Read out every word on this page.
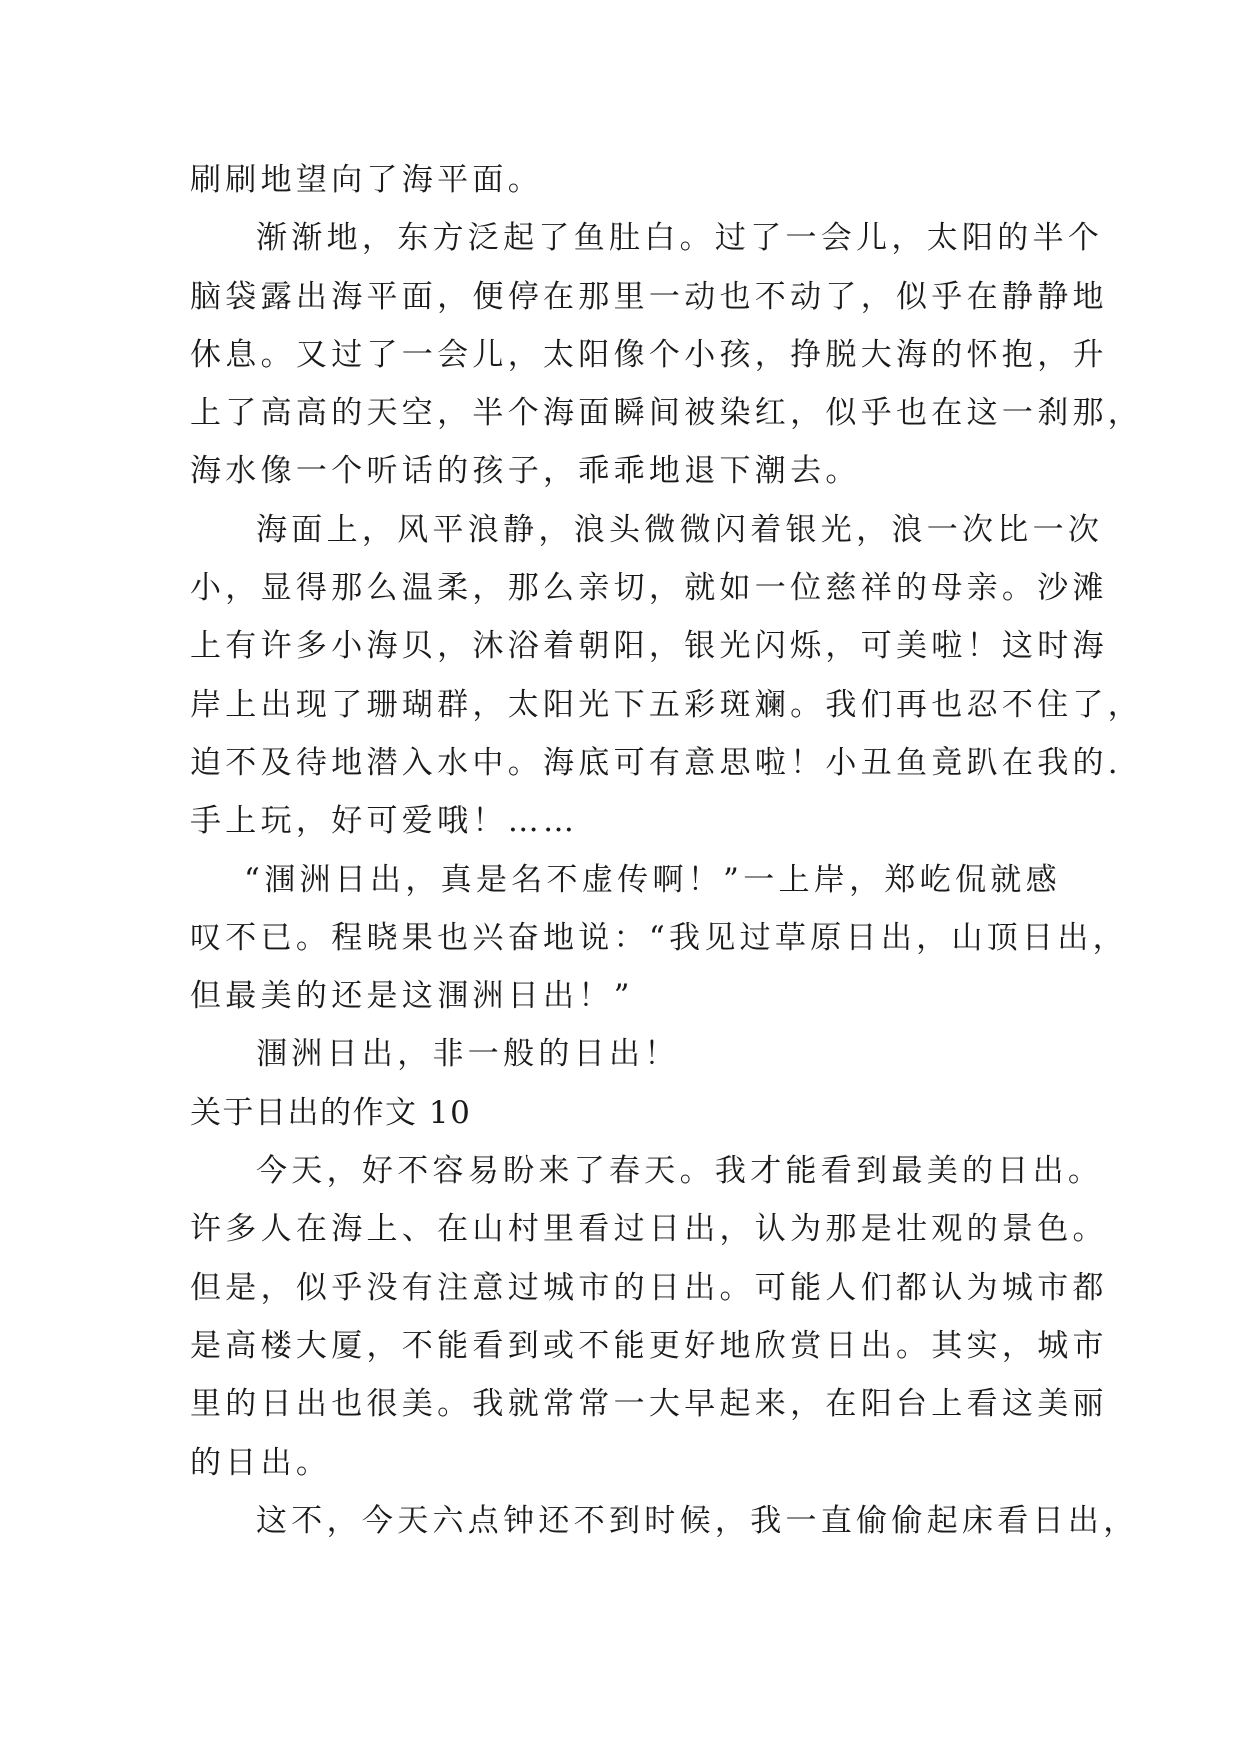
刷刷地望向了海平面。
渐渐地，东方泛起了鱼肚白。过了一会儿，太阳的半个
脑袋露出海平面，便停在那里一动也不动了，似乎在静静地
休息。又过了一会儿，太阳像个小孩，挣脱大海的怀抱，升
上了高高的天空，半个海面瞬间被染红，似乎也在这一刹那，
海水像一个听话的孩子，乖乖地退下潮去。
海面上，风平浪静，浪头微微闪着银光，浪一次比一次
小，显得那么温柔，那么亲切，就如一位慈祥的母亲。沙滩
上有许多小海贝，沐浴着朝阳，银光闪烁，可美啦！这时海
岸上出现了珊瑚群，太阳光下五彩斑斓。我们再也忍不住了，
迫不及待地潜入水中。海底可有意思啦！小丑鱼竟趴在我的.
手上玩，好可爱哦！……
“涠洲日出，真是名不虚传啊！”一上岸，郑屹侃就感
叹不已。程晓果也兴奋地说：“我见过草原日出，山顶日出，
但最美的还是这涠洲日出！”
涠洲日出，非一般的日出！
关于日出的作文 10
今天，好不容易盼来了春天。我才能看到最美的日出。
许多人在海上、在山村里看过日出，认为那是壮观的景色。
但是，似乎没有注意过城市的日出。可能人们都认为城市都
是高楼大厦，不能看到或不能更好地欣赏日出。其实，城市
里的日出也很美。我就常常一大早起来，在阳台上看这美丽
的日出。
这不，今天六点钟还不到时候，我一直偷偷起床看日出，
